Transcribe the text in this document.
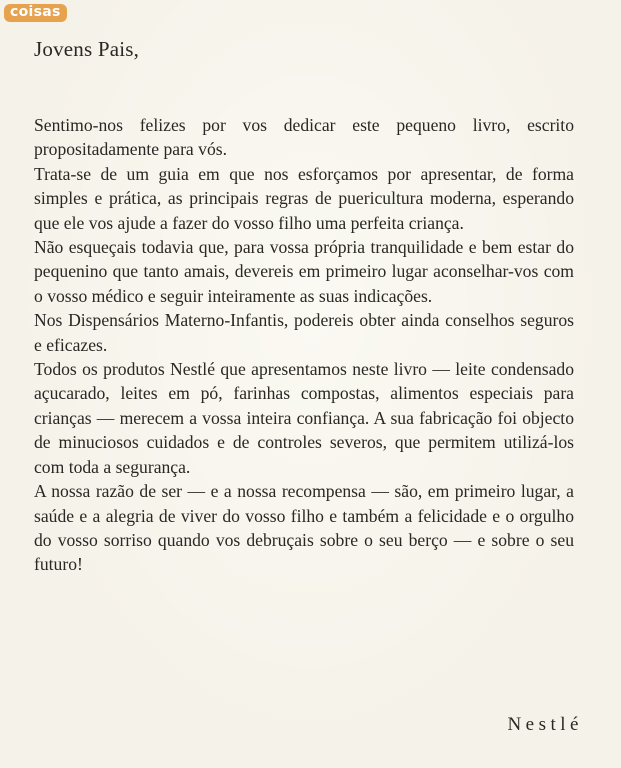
coisas
Jovens Pais,

Sentimo-nos felizes por vos dedicar este pequeno livro, escrito propositadamente para vós.

Trata-se de um guia em que nos esforçamos por apresentar, de forma simples e prática, as principais regras de puericultura moderna, esperando que ele vos ajude a fazer do vosso filho uma perfeita criança.

Não esqueçais todavia que, para vossa própria tranquilidade e bem estar do pequenino que tanto amais, devereis em primeiro lugar aconselhar-vos com o vosso médico e seguir inteiramente as suas indicações.

Nos Dispensários Materno-Infantis, podereis obter ainda conselhos seguros e eficazes.

Todos os produtos Nestlé que apresentamos neste livro — leite condensado açucarado, leites em pó, farinhas compostas, alimentos especiais para crianças — merecem a vossa inteira confiança. A sua fabricação foi objecto de minuciosos cuidados e de controles severos, que permitem utilizá-los com toda a segurança.

A nossa razão de ser — e a nossa recompensa — são, em primeiro lugar, a saúde e a alegria de viver do vosso filho e também a felicidade e o orgulho do vosso sorriso quando vos debruçais sobre o seu berço — e sobre o seu futuro!

Nestlé
